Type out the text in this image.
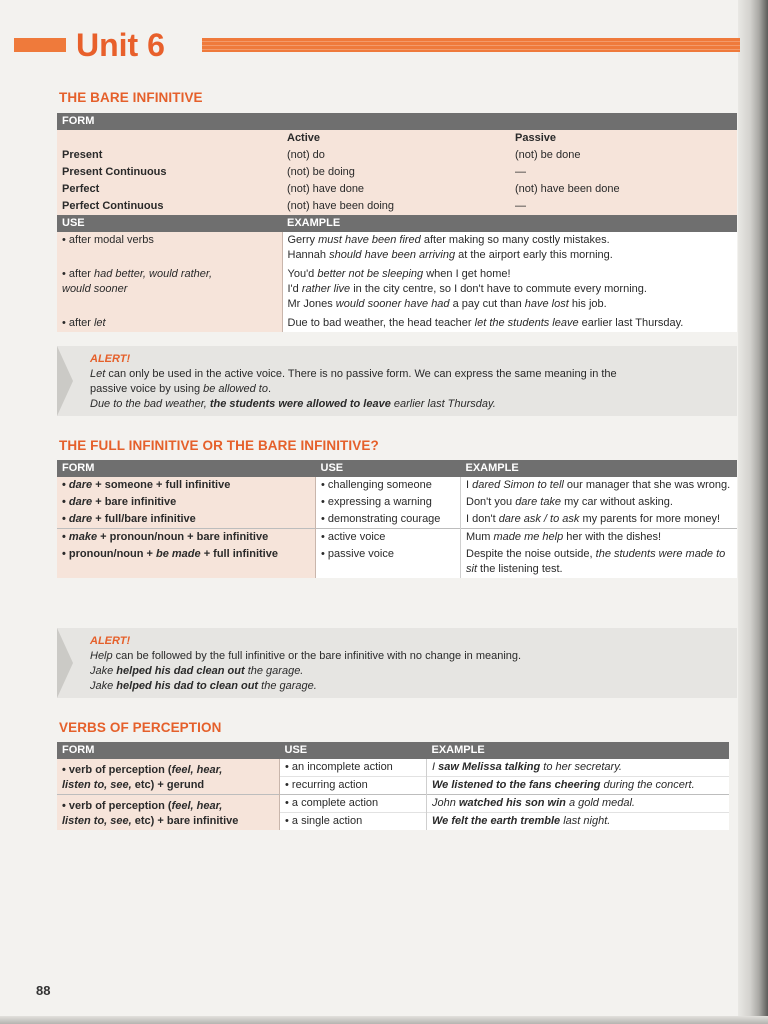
Unit 6
THE BARE INFINITIVE
FORM		
	Active	Passive
Present	(not) do	(not) be done
Present Continuous	(not) be doing	—
Perfect	(not) have done	(not) have been done
Perfect Continuous	(not) have been doing	—
USE	EXAMPLE	
• after modal verbs	Gerry must have been fired after making so many costly mistakes.
Hannah should have been arriving at the airport early this morning.	
• after had better, would rather,
would sooner	You'd better not be sleeping when I get home!
I'd rather live in the city centre, so I don't have to commute every morning.
Mr Jones would sooner have had a pay cut than have lost his job.	
• after let	Due to bad weather, the head teacher let the students leave earlier last Thursday.	
ALERT!
Let can only be used in the active voice. There is no passive form. We can express the same meaning in the
passive voice by using be allowed to.
Due to the bad weather, the students were allowed to leave earlier last Thursday.
THE FULL INFINITIVE OR THE BARE INFINITIVE?
FORM	USE	EXAMPLE
• dare + someone + full infinitive	• challenging someone	I dared Simon to tell our manager that she was wrong.
• dare + bare infinitive	• expressing a warning	Don't you dare take my car without asking.
• dare + full/bare infinitive	• demonstrating courage	I don't dare ask / to ask my parents for more money!
• make + pronoun/noun + bare infinitive	• active voice	Mum made me help her with the dishes!
• pronoun/noun + be made + full infinitive	• passive voice	Despite the noise outside, the students were made to sit the listening test.
ALERT!
Help can be followed by the full infinitive or the bare infinitive with no change in meaning.
Jake helped his dad clean out the garage.
Jake helped his dad to clean out the garage.
VERBS OF PERCEPTION
FORM	USE	EXAMPLE
• verb of perception (feel, hear,
listen to, see, etc) + gerund	• an incomplete action	I saw Melissa talking to her secretary.
	• recurring action	We listened to the fans cheering during the concert.
• verb of perception (feel, hear,
listen to, see, etc) + bare infinitive	• a complete action	John watched his son win a gold medal.
	• a single action	We felt the earth tremble last night.
88
